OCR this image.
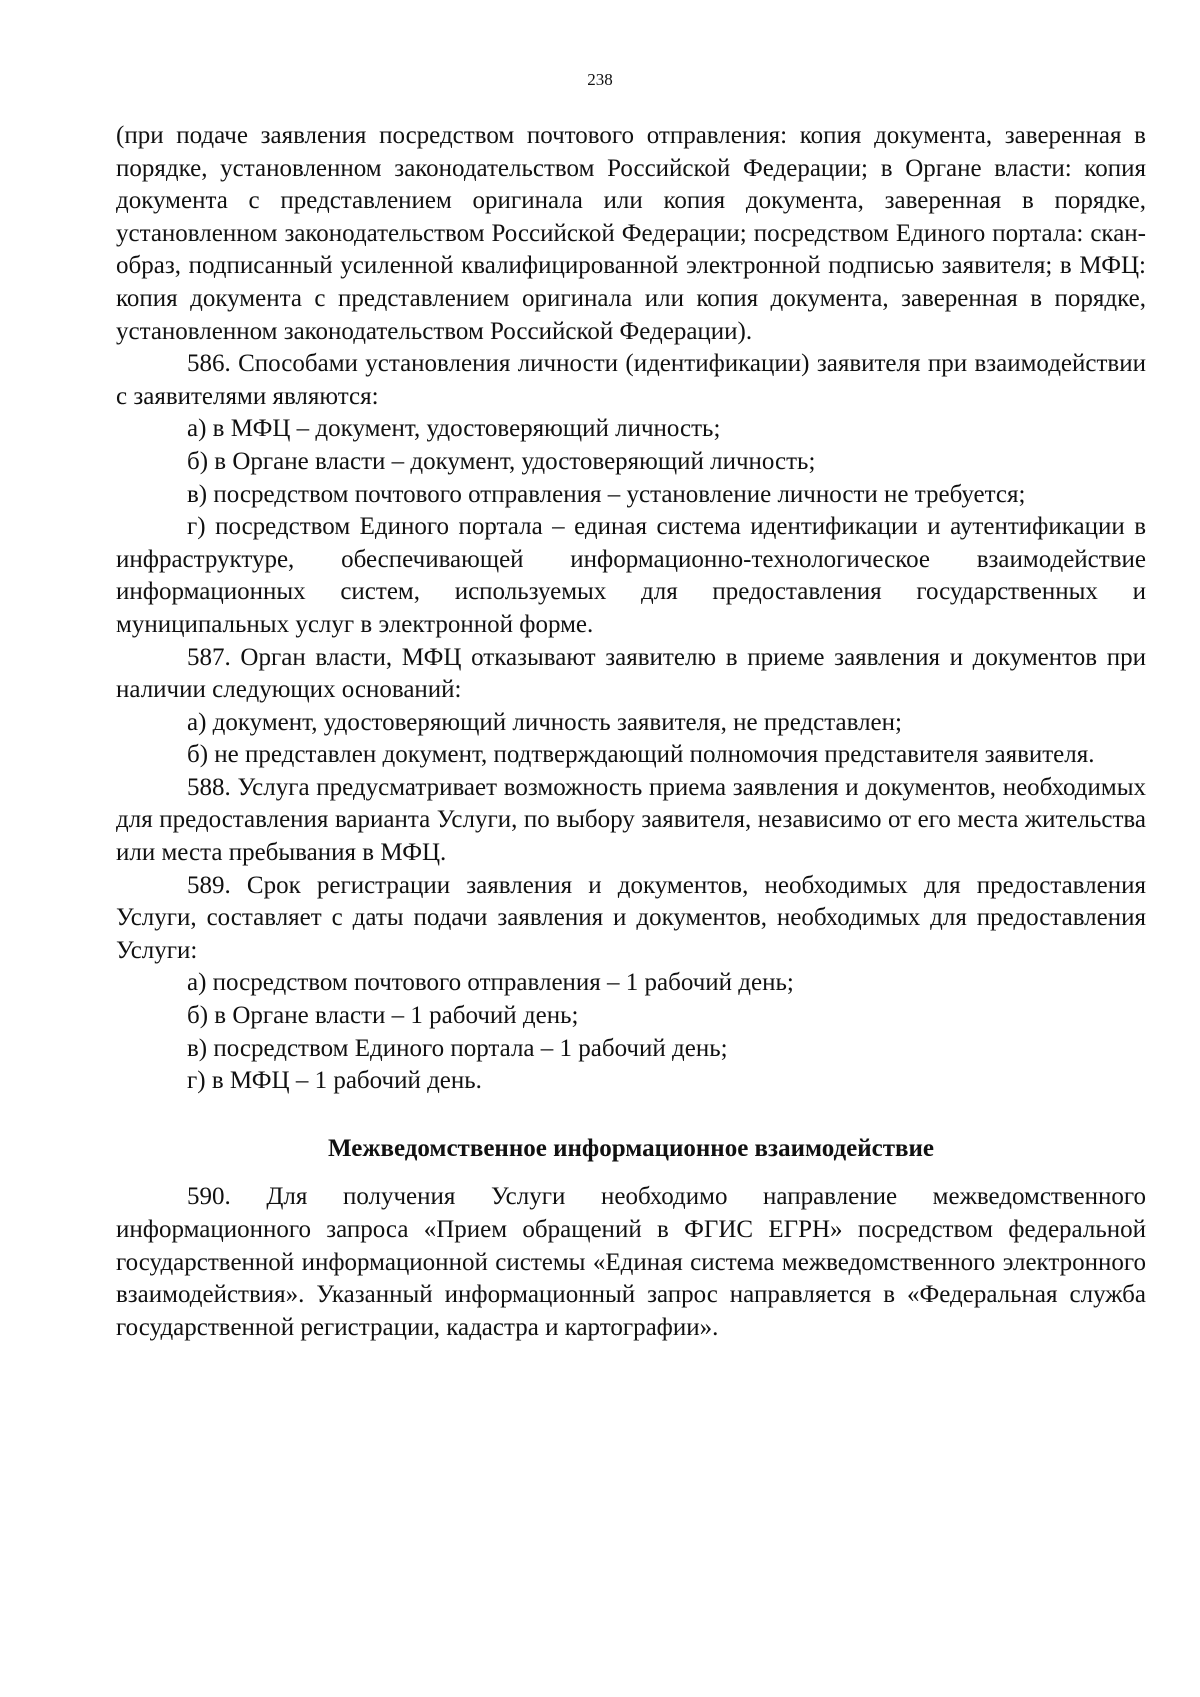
238

(при подаче заявления посредством почтового отправления: копия документа, заверенная в порядке, установленном законодательством Российской Федерации; в Органе власти: копия документа с представлением оригинала или копия документа, заверенная в порядке, установленном законодательством Российской Федерации; посредством Единого портала: скан-образ, подписанный усиленной квалифицированной электронной подписью заявителя; в МФЦ: копия документа с представлением оригинала или копия документа, заверенная в порядке, установленном законодательством Российской Федерации).

586. Способами установления личности (идентификации) заявителя при взаимодействии с заявителями являются:

а) в МФЦ – документ, удостоверяющий личность;

б) в Органе власти – документ, удостоверяющий личность;

в) посредством почтового отправления – установление личности не требуется;

г) посредством Единого портала – единая система идентификации и аутентификации в инфраструктуре, обеспечивающей информационно-технологическое взаимодействие информационных систем, используемых для предоставления государственных и муниципальных услуг в электронной форме.

587. Орган власти, МФЦ отказывают заявителю в приеме заявления и документов при наличии следующих оснований:

а) документ, удостоверяющий личность заявителя, не представлен;

б) не представлен документ, подтверждающий полномочия представителя заявителя.

588. Услуга предусматривает возможность приема заявления и документов, необходимых для предоставления варианта Услуги, по выбору заявителя, независимо от его места жительства или места пребывания в МФЦ.

589. Срок регистрации заявления и документов, необходимых для предоставления Услуги, составляет с даты подачи заявления и документов, необходимых для предоставления Услуги:

а) посредством почтового отправления – 1 рабочий день;

б) в Органе власти – 1 рабочий день;

в) посредством Единого портала – 1 рабочий день;

г) в МФЦ – 1 рабочий день.

Межведомственное информационное взаимодействие

590. Для получения Услуги необходимо направление межведомственного информационного запроса «Прием обращений в ФГИС ЕГРН» посредством федеральной государственной информационной системы «Единая система межведомственного электронного взаимодействия». Указанный информационный запрос направляется в «Федеральная служба государственной регистрации, кадастра и картографии».
